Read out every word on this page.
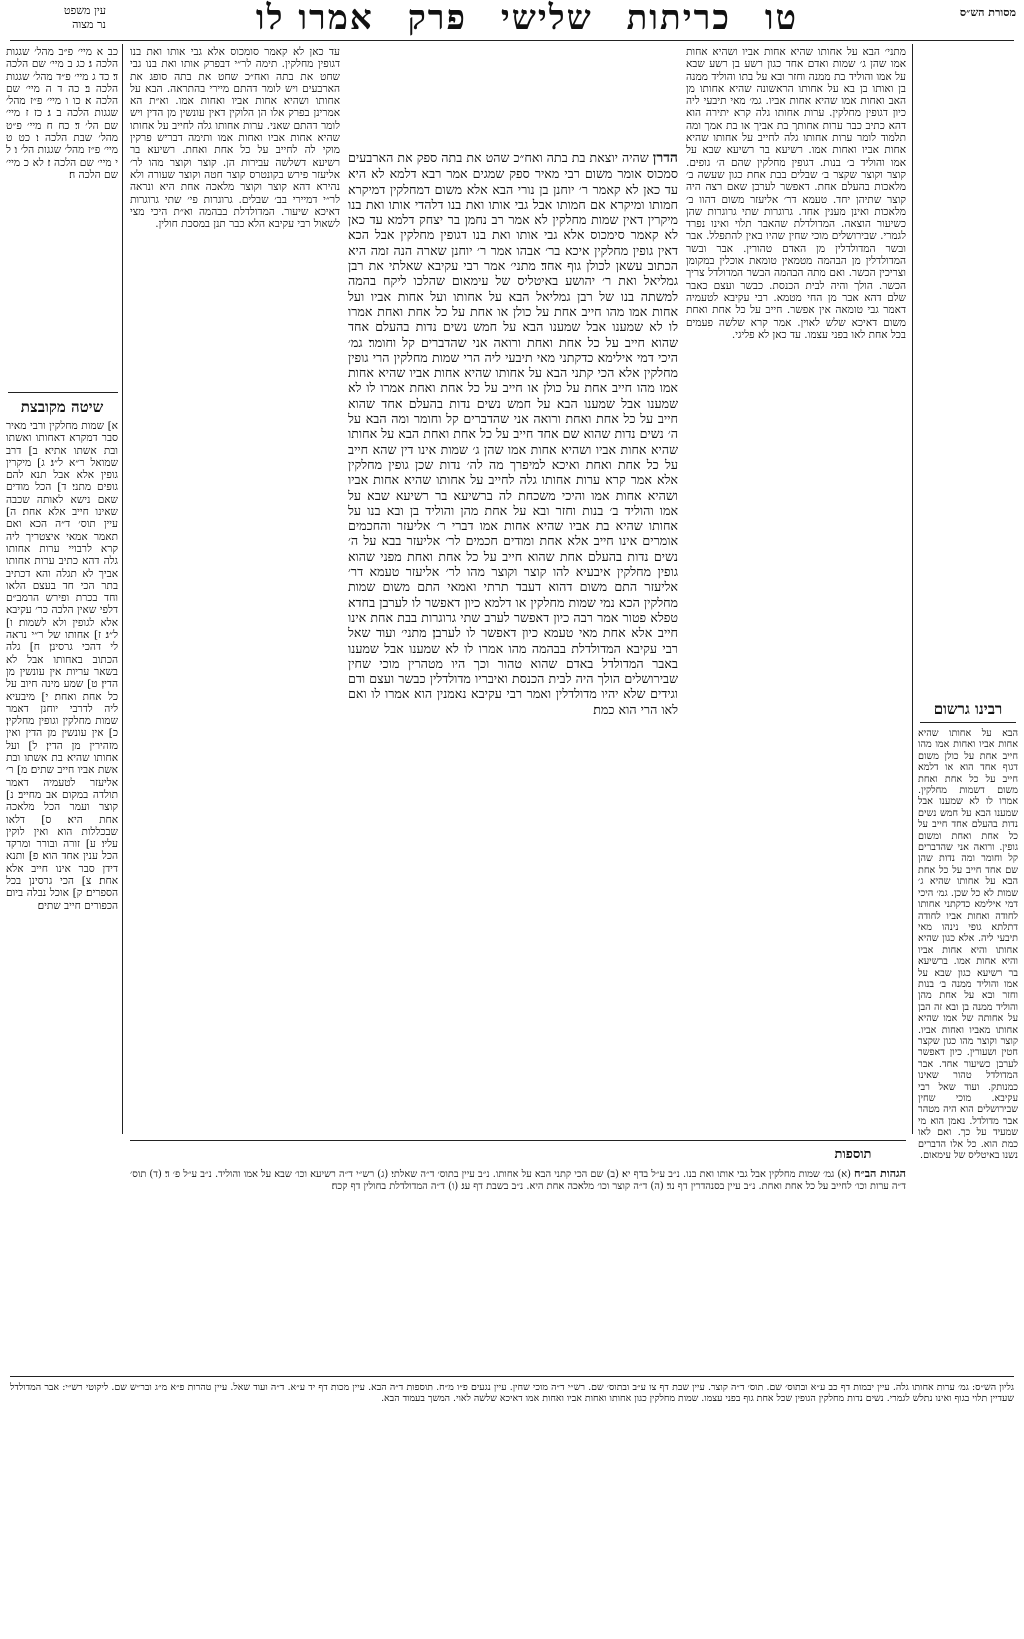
עין משפט
נר מצוה	טו כריתות שלישי פרק אמרו לו	מסורת הש״ס

כב א מיי׳ פ״ב מהל׳ שגגות הלכה ג׃ כג ב מיי׳ שם הלכה ד׃ כד ג מיי׳ פ״ד מהל׳ שגגות הלכה ב׃ כה ד ה מיי׳ שם הלכה א׃ כו ו מיי׳ פ״ז מהל׳ שגגות הלכה ב ג׃ כז ז מיי׳ שם הל׳ ד׃ כח ח מיי׳ פ״ט מהל׳ שבת הלכה ו׃ כט ט מיי׳ פ״ז מהל׳ שגגות הל׳ ו׃ ל י מיי׳ שם הלכה ז׃ לא כ מיי׳ שם הלכה ח׃

שיטה מקובצת

א] שמות מחלקין ורבי מאיר סבר דמקרא דאחותו ואשתו ובת אשתו אתיא׃ ב] דרב שמואל ר״א ל״ג׃ ג] מיקרין גופין אלא אבל תנא להם גופים מתני׃ ד] הכל מודים שאם נישא לאותה שכבה שאינו חייב אלא אחת׃ ה] עיין תוס׳ ד״ה הכא ואם תאמר אמאי איצטריך ליה קרא לרבויי ערות אחותו גלה דהא כתיב ערות אחותו אביך לא תגלה והא דכתיב בתר הכי חד בעצם הלאו וחד בכרת ופירש הרמב״ם דלפי שאין הלכה כר׳ עקיבא אלא לגופין ולא לשמות׃ ו] ל״ג׃ ז] אחותו של ר״י נראה לי דהכי גרסינן׃ ח] גלה הכתוב באחותו אבל לא בשאר עריות אין עונשין מן הדין׃ ט] שמע מינה חיוב על כל אחת ואחת׃ י] מיבעיא ליה לדרבי יוחנן דאמר שמות מחלקין וגופין מחלקין׃ כ] אין עונשין מן הדין ואין מזהירין מן הדין׃ ל] ועל אחותו שהיא בת אשתו ובת אשת אביו חייב שתים׃ מ] ר׳ אליעזר לטעמיה דאמר תולדה במקום אב מחייב׃ נ] קוצר ועמר הכל מלאכה אחת היא׃ ס] דלאו שבכללות הוא ואין לוקין עליו׃ ע] זורה ובורר ומרקד הכל ענין אחד הוא׃ פ] ותנא דידן סבר אינו חייב אלא אחת׃ צ] הכי גרסינן בכל הספרים׃ ק] אוכל נבלה ביום הכפורים חייב שתים׃

עד כאן לא קאמר סומכוס אלא גבי אותו ואת בנו דגופין מחלקין. תימה לר״י דבפרק אותו ואת בנו גבי שחט את בתה ואח״כ שחט את בתה סופג את הארבעים ויש לומר דהתם מיירי בהתראה. הבא על אחותו ושהיא אחות אביו ואחות אמו. וא״ת הא אמרינן בפרק אלו הן הלוקין דאין עונשין מן הדין ויש לומר דהתם שאני. ערות אחותו גלה לחייב על אחותו שהיא אחות אביו ואחות אמו ותימה דבריש פרקין מוקי לה לחייב על כל אחת ואחת. רשיעא בר רשיעא דשלשה עבירות הן. קוצר וקוצר מהו לר׳ אליעזר פירש בקונטרס קוצר חטה וקוצר שעורה ולא נהירא דהא קוצר וקוצר מלאכה אחת היא ונראה לר״י דמיירי בב׳ שבלים. גרוגרות פי׳ שתי גרוגרות דאיכא שיעור. המדולדלת בבהמה וא״ת היכי מצי לשאול רבי עקיבא הלא כבר תנן במסכת חולין.

הדרן שהיה יוצאת בת בתה ואח״כ שהט את בתה ספק את הארבעים סמכוס אומר משום רבי מאיר ספק שמגים אמר רבא דלמא לא היא עד כאן לא קאמר ר׳ יוחנן בן נורי הבא אלא משום דמחלקין דמיקרא חמותו ומיקרא אם חמותו אבל גבי אותו ואת בנו דלהדי אותו ואת בנו מיקרין דאין שמות מחלקין לא אמר רב נחמן בר יצחק דלמא עד כאן לא קאמר סימכוס אלא גבי אותו ואת בנו דגופין מחלקין אבל הכא דאין גופין מחלקין איכא בר׳ אבהו אמר ר׳ יוחנן שארה הנה זמה היא הכתוב עשאן לכולן גוף אחד׃ מתני׳ אמר רבי עקיבא שאלתי את רבן גמליאל ואת ר׳ יהושע באיטליס של עימאום שהלכו ליקח בהמה למשתה בנו של רבן גמליאל הבא על אחותו ועל אחות אביו ועל אחות אמו מהו חייב אחת על כולן או אחת על כל אחת ואחת אמרו לו לא שמענו אבל שמענו הבא על חמש נשים נדות בהעלם אחד שהוא חייב על כל אחת ואחת ורואה אני שהדברים קל וחומר׃ גמ׳ היכי דמי אילימא כדקתני מאי תיבעי ליה הרי שמות מחלקין הרי גופין מחלקין אלא הכי קתני הבא על אחותו שהיא אחות אביו שהיא אחות אמו מהו חייב אחת על כולן או חייב על כל אחת ואחת אמרו לו לא שמענו אבל שמענו הבא על חמש נשים נדות בהעלם אחד שהוא חייב על כל אחת ואחת ורואה אני שהדברים קל וחומר ומה הבא על ה׳ נשים נדות שהוא שם אחד חייב על כל אחת ואחת הבא על אחותו שהיא אחות אביו ושהיא אחות אמו שהן ג׳ שמות אינו דין שהא חייב על כל אחת ואחת ואיכא למיפרך מה לה׳ נדות שכן גופין מחלקין אלא אמר קרא ערות אחותו גלה לחייב על אחותו שהיא אחות אביו ושהיא אחות אמו והיכי משכחת לה ברשיעא בר רשיעא שבא על אמו והוליד ב׳ בנות וחזר ובא על אחת מהן והוליד בן ובא בנו על אחותו שהיא בת אביו שהיא אחות אמו דברי ר׳ אליעזר והחכמים אומרים אינו חייב אלא אחת ומודים חכמים לר׳ אליעזר בבא על ה׳ נשים נדות בהעלם אחת שהוא חייב על כל אחת ואחת מפני שהוא גופין מחלקין איבעיא להו קוצר וקוצר מהו לר׳ אליעזר טעמא דר׳ אליעזר התם משום דהוא דעבד תרתי ואמאי התם משום שמות מחלקין הכא נמי שמות מחלקין או דלמא כיון דאפשר לו לערבן בחדא טפלא פטור אמר רבה כיון דאפשר לערב שתי גרוגרות בבת אחת אינו חייב אלא אחת מאי טעמא כיון דאפשר לו לערבן׃ מתני׳ ועוד שאל רבי עקיבא המדולדלת בבהמה מהו אמרו לו לא שמענו אבל שמענו באבר המדולדל באדם שהוא טהור וכך היו מטהרין מוכי שחין שבירושלים הולך היה לבית הכנסת ואיבריו מדולדלין כבשר ועצם ודם וגידים שלא יהיו מדולדלין ואמר רבי עקיבא נאמנין הוא אמרו לו ואם לאו הרי הוא כמת׃

מתני׳ הבא על אחותו שהיא אחות אביו ושהיא אחות אמו שהן ג׳ שמות ואדם אחד כגון רשע בן רשע שבא על אמו והוליד בת ממנה וחזר ובא על בתו והוליד ממנה בן ואותו בן בא על אחותו הראשונה שהיא אחותו מן האב ואחות אמו שהיא אחות אביו. גמ׳ מאי תיבעי ליה כיון דגופין מחלקין. ערות אחותו גלה קרא יתירה הוא דהא כתיב כבר ערות אחותך בת אביך או בת אמך ומה תלמוד לומר ערות אחותו גלה לחייב על אחותו שהיא אחות אביו ואחות אמו. רשיעא בר רשיעא שבא על אמו והוליד ב׳ בנות. דגופין מחלקין שהם ה׳ גופים. קוצר וקוצר שקצר ב׳ שבלים בבת אחת כגון שעשה ב׳ מלאכות בהעלם אחת. דאפשר לערבן שאם רצה היה קוצר שתיהן יחד. טעמא דר׳ אליעזר משום דהוו ב׳ מלאכות ואינן מענין אחד. גרוגרות שתי גרוגרות שהן כשיעור הוצאה. המדולדלת שהאבר תלוי ואינו נפרד לגמרי. שבירושלים מוכי שחין שהיו באין להתפלל. אבר ובשר המדולדלין מן האדם טהורין. אבר ובשר המדולדלין מן הבהמה מטמאין טומאת אוכלין במקומן וצריכין הכשר. ואם מתה הבהמה הבשר המדולדל צריך הכשר. הולך והיה לבית הכנסת. כבשר ועצם כאבר שלם דהא אבר מן החי מטמא. רבי עקיבא לטעמיה דאמר גבי טומאה אין אפשר. חייב על כל אחת ואחת משום דאיכא שלש לאוין. אמר קרא שלשה פעמים בכל אחת לאו בפני עצמו. עד כאן לא פליגי.

רבינו גרשום

הבא על אחותו שהיא אחות אביו ואחות אמו מהו חייב אחת על כולן משום דגוף אחד הוא או דלמא חייב על כל אחת ואחת משום דשמות מחלקין. אמרו לו לא שמענו אבל שמענו הבא על חמש נשים נדות בהעלם אחד חייב על כל אחת ואחת ומשום גופין. ורואה אני שהדברים קל וחומר ומה נדות שהן שם אחד חייב על כל אחת הבא על אחותו שהיא ג׳ שמות לא כל שכן. גמ׳ היכי דמי אילימא כדקתני אחותו לחודה ואחות אביו לחודה דתלתא גופי נינהו מאי תיבעי ליה. אלא כגון שהיא אחותו והיא אחות אביו והיא אחות אמו. ברשיעא בר רשיעא כגון שבא על אמו והוליד ממנה ב׳ בנות וחזר ובא על אחת מהן והוליד ממנה בן ובא זה הבן על אחותה של אמו שהיא אחותו מאביו ואחות אביו. קוצר וקוצר מהו כגון שקצר חטין ושעורין. כיון דאפשר לערבן כשיעור אחד. אבר המדולדל טהור שאינו כמנותק. ועוד שאל רבי עקיבא. מוכי שחין שבירושלים הוא היה מטהר אבר מדולדל. נאמן הוא מי שמעיד על כך. ואם לאו כמת הוא. כל אלו הדברים נשנו באיטליס של עימאום.

תוספות

הגהות הב״ח (א) גמ׳ שמות מחלקין אבל גבי אותו ואת בנו. נ״ב ע״ל בדף יא׃ (ב) שם הכי קתני הבא על אחותו. נ״ב עיין בתוס׳ ד״ה שאלתי׃ (ג) רש״י ד״ה רשיעא וכו׳ שבא על אמו והוליד. נ״ב ע״ל פ׳ ד׃ (ד) תוס׳ ד״ה ערות וכו׳ לחייב על כל אחת ואחת. נ״ב עיין בסנהדרין דף נד׃ (ה) ד״ה קוצר וכו׳ מלאכה אחת היא. נ״ב בשבת דף עג׃ (ו) ד״ה המדולדלת בחולין דף קכח׃

גליון הש״ס: גמ׳ ערות אחותו גלה. עיין יבמות דף כב ע״א ובתוס׳ שם. תוס׳ ד״ה קוצר. עיין שבת דף צו ע״ב ובתוס׳ שם. רש״י ד״ה מוכי שחין. עיין נגעים פ״ו מ״ח. תוספות ד״ה הבא. עיין מכות דף יד ע״א. ד״ה ועוד שאל. עיין טהרות פ״א מ״ג ובר״ש שם. ליקוטי רש״י: אבר המדולדל שעדיין תלוי בגוף ואינו נתלש לגמרי. נשים נדות מחלקין הגופין שכל אחת גוף בפני עצמו. שמות מחלקין כגון אחותו ואחות אביו ואחות אמו דאיכא שלשה לאוי. המשך בעמוד הבא.
